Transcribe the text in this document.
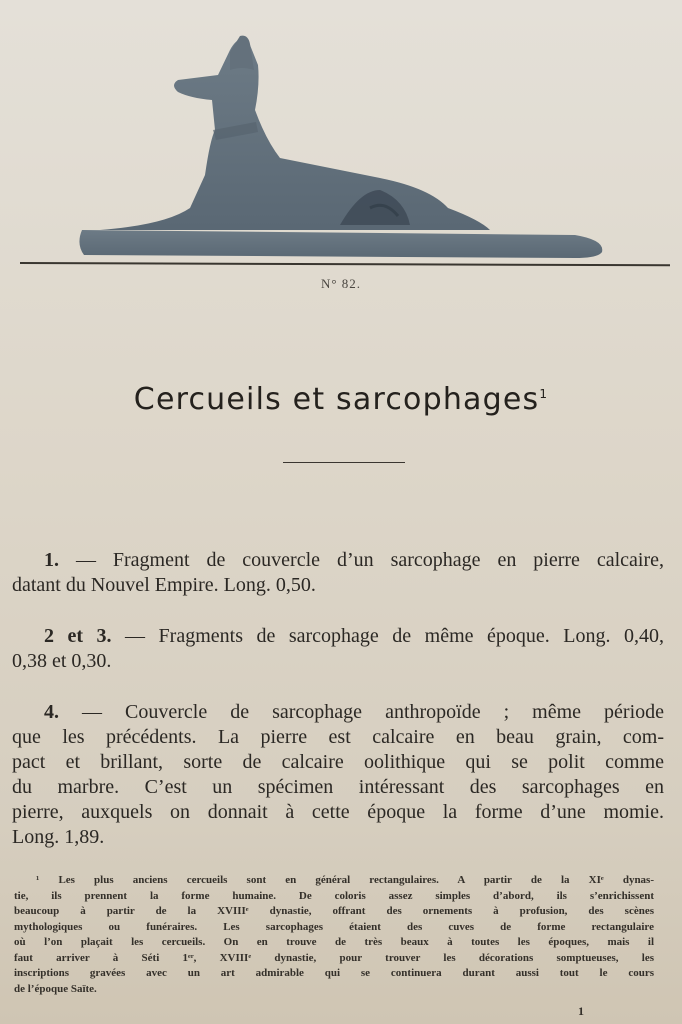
N° 82.
Cercueils et sarcophages$^1$
1. — Fragment de couvercle d’un sarcophage en pierre calcaire,
datant du Nouvel Empire. Long. 0,50.
2 et 3. — Fragments de sarcophage de même époque. Long. 0,40,
0,38 et 0,30.
4. — Couvercle de sarcophage anthropoïde ; même période
que les précédents. La pierre est calcaire en beau grain, com-
pact et brillant, sorte de calcaire oolithique qui se polit comme
du marbre. C’est un spécimen intéressant des sarcophages en
pierre, auxquels on donnait à cette époque la forme d’une momie.
Long. 1,89.
¹ Les plus anciens cercueils sont en général rectangulaires. A partir de la XIᵉ dynas-
tie, ils prennent la forme humaine. De coloris assez simples d’abord, ils s’enrichissent
beaucoup à partir de la XVIIIᵉ dynastie, offrant des ornements à profusion, des scènes
mythologiques ou funéraires. Les sarcophages étaient des cuves de forme rectangulaire
où l’on plaçait les cercueils. On en trouve de très beaux à toutes les époques, mais il
faut arriver à Séti 1ᵉʳ, XVIIIᵉ dynastie, pour trouver les décorations somptueuses, les
inscriptions gravées avec un art admirable qui se continuera durant aussi tout le cours
de l’époque Saïte.
1
